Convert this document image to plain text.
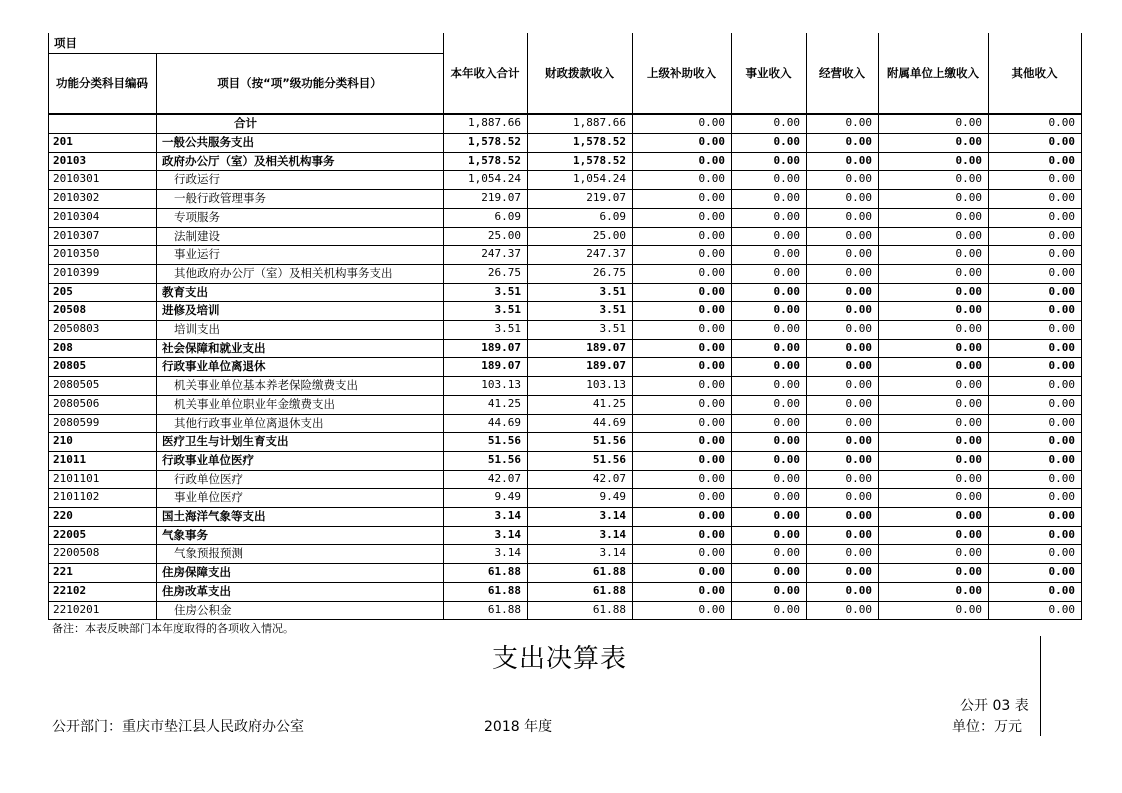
项目
功能分类科目编码	项目（按“项”级功能分类科目）
本年收入合计	财政拨款收入	上级补助收入	事业收入	经营收入	附属单位上缴收入	其他收入
合计	1,887.66	1,887.66	0.00	0.00	0.00	0.00	0.00
201	一般公共服务支出	1,578.52	1,578.52	0.00	0.00	0.00	0.00	0.00
20103	政府办公厅（室）及相关机构事务	1,578.52	1,578.52	0.00	0.00	0.00	0.00	0.00
2010301	行政运行	1,054.24	1,054.24	0.00	0.00	0.00	0.00	0.00
2010302	一般行政管理事务	219.07	219.07	0.00	0.00	0.00	0.00	0.00
2010304	专项服务	6.09	6.09	0.00	0.00	0.00	0.00	0.00
2010307	法制建设	25.00	25.00	0.00	0.00	0.00	0.00	0.00
2010350	事业运行	247.37	247.37	0.00	0.00	0.00	0.00	0.00
2010399	其他政府办公厅（室）及相关机构事务支出	26.75	26.75	0.00	0.00	0.00	0.00	0.00
205	教育支出	3.51	3.51	0.00	0.00	0.00	0.00	0.00
20508	进修及培训	3.51	3.51	0.00	0.00	0.00	0.00	0.00
2050803	培训支出	3.51	3.51	0.00	0.00	0.00	0.00	0.00
208	社会保障和就业支出	189.07	189.07	0.00	0.00	0.00	0.00	0.00
20805	行政事业单位离退休	189.07	189.07	0.00	0.00	0.00	0.00	0.00
2080505	机关事业单位基本养老保险缴费支出	103.13	103.13	0.00	0.00	0.00	0.00	0.00
2080506	机关事业单位职业年金缴费支出	41.25	41.25	0.00	0.00	0.00	0.00	0.00
2080599	其他行政事业单位离退休支出	44.69	44.69	0.00	0.00	0.00	0.00	0.00
210	医疗卫生与计划生育支出	51.56	51.56	0.00	0.00	0.00	0.00	0.00
21011	行政事业单位医疗	51.56	51.56	0.00	0.00	0.00	0.00	0.00
2101101	行政单位医疗	42.07	42.07	0.00	0.00	0.00	0.00	0.00
2101102	事业单位医疗	9.49	9.49	0.00	0.00	0.00	0.00	0.00
220	国土海洋气象等支出	3.14	3.14	0.00	0.00	0.00	0.00	0.00
22005	气象事务	3.14	3.14	0.00	0.00	0.00	0.00	0.00
2200508	气象预报预测	3.14	3.14	0.00	0.00	0.00	0.00	0.00
221	住房保障支出	61.88	61.88	0.00	0.00	0.00	0.00	0.00
22102	住房改革支出	61.88	61.88	0.00	0.00	0.00	0.00	0.00
2210201	住房公积金	61.88	61.88	0.00	0.00	0.00	0.00	0.00
备注：本表反映部门本年度取得的各项收入情况。
支出决算表
公开 03 表
公开部门：重庆市垫江县人民政府办公室	2018 年度	单位：万元
